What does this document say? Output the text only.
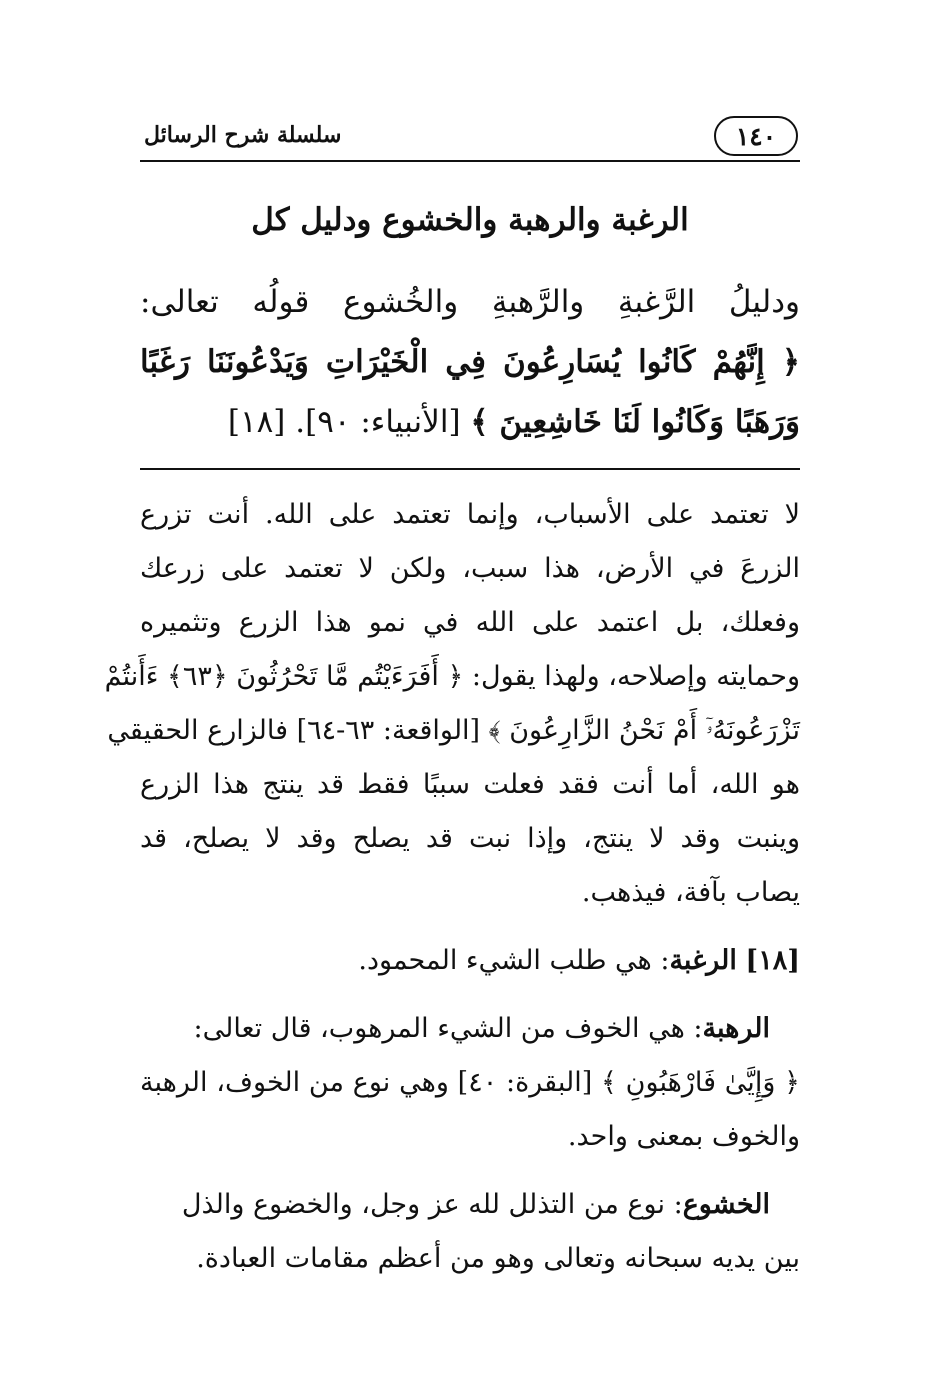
١٤٠
سلسلة شرح الرسائل
الرغبة والرهبة والخشوع ودليل كل
ودليلُ الرَّغبةِ والرَّهبةِ والخُشوع قولُه تعالى:
﴿ إِنَّهُمْ كَانُوا يُسَارِعُونَ فِي الْخَيْرَاتِ وَيَدْعُونَنَا رَغَبًا
وَرَهَبًا وَكَانُوا لَنَا خَاشِعِينَ ﴾ [الأنبياء: ٩٠]. [١٨]
لا تعتمد على الأسباب، وإنما تعتمد على الله. أنت تزرع
الزرعَ في الأرض، هذا سبب، ولكن لا تعتمد على زرعك
وفعلك، بل اعتمد على الله في نمو هذا الزرع وتثميره
وحمايته وإصلاحه، ولهذا يقول: ﴿ أَفَرَءَيْتُم مَّا تَحْرُثُونَ ﴿٦٣﴾ ءَأَنتُمْ
تَزْرَعُونَهُۥٓ أَمْ نَحْنُ الزَّارِعُونَ ﴾ [الواقعة: ٦٣-٦٤] فالزارع الحقيقي
هو الله، أما أنت فقد فعلت سببًا فقط قد ينتج هذا الزرع
وينبت وقد لا ينتج، وإذا نبت قد يصلح وقد لا يصلح، قد
يصاب بآفة، فيذهب.
[١٨] الرغبة: هي طلب الشيء المحمود.
الرهبة: هي الخوف من الشيء المرهوب، قال تعالى:
﴿ وَإِيَّىٰ فَارْهَبُونِ ﴾ [البقرة: ٤٠] وهي نوع من الخوف، الرهبة
والخوف بمعنى واحد.
الخشوع: نوع من التذلل لله عز وجل، والخضوع والذل
بين يديه سبحانه وتعالى وهو من أعظم مقامات العبادة.
